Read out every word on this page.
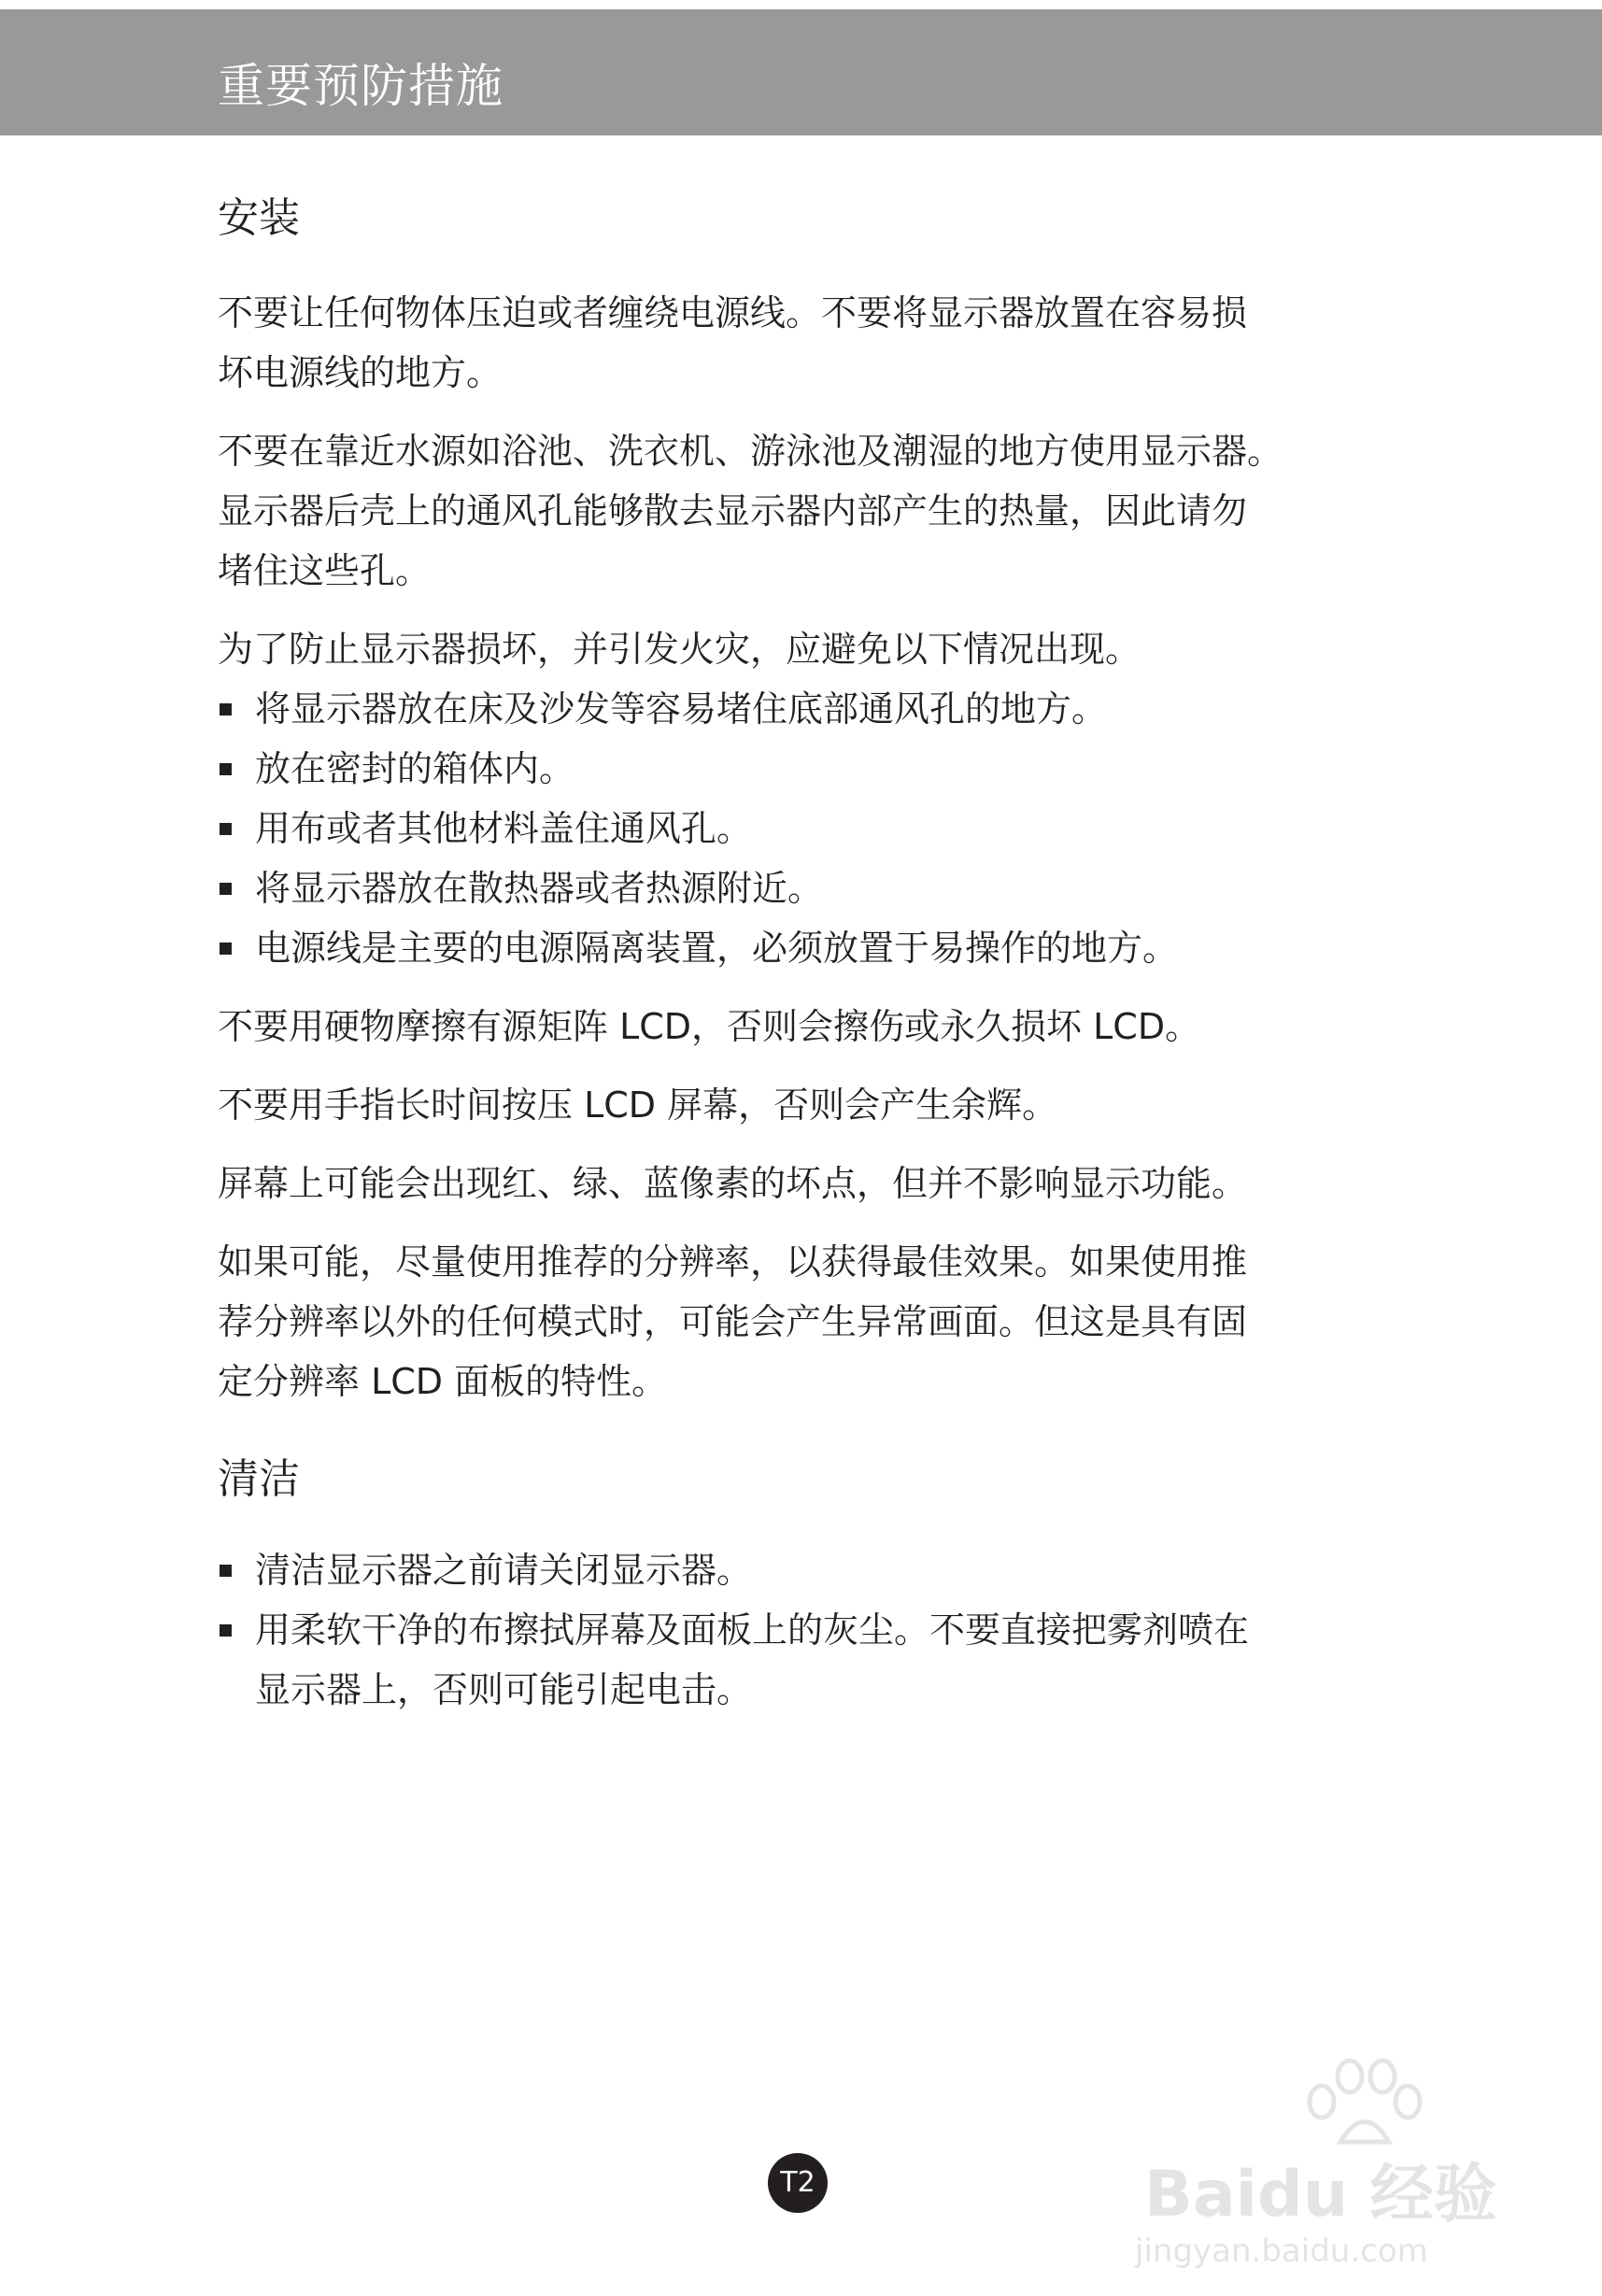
重要预防措施
安装

不要让任何物体压迫或者缠绕电源线。不要将显示器放置在容易损
坏电源线的地方。

不要在靠近水源如浴池、洗衣机、游泳池及潮湿的地方使用显示器。
显示器后壳上的通风孔能够散去显示器内部产生的热量，因此请勿
堵住这些孔。

为了防止显示器损坏，并引发火灾，应避免以下情况出现。

将显示器放在床及沙发等容易堵住底部通风孔的地方。
放在密封的箱体内。
用布或者其他材料盖住通风孔。
将显示器放在散热器或者热源附近。
电源线是主要的电源隔离装置，必须放置于易操作的地方。

不要用硬物摩擦有源矩阵 LCD，否则会擦伤或永久损坏 LCD。

不要用手指长时间按压 LCD 屏幕，否则会产生余辉。

屏幕上可能会出现红、绿、蓝像素的坏点，但并不影响显示功能。

如果可能，尽量使用推荐的分辨率，以获得最佳效果。如果使用推
荐分辨率以外的任何模式时，可能会产生异常画面。但这是具有固
定分辨率 LCD 面板的特性。

清洁
清洁显示器之前请关闭显示器。
用柔软干净的布擦拭屏幕及面板上的灰尘。不要直接把雾剂喷在
显示器上，否则可能引起电击。
Baidu 经验
jingyan.baidu.com
T2
